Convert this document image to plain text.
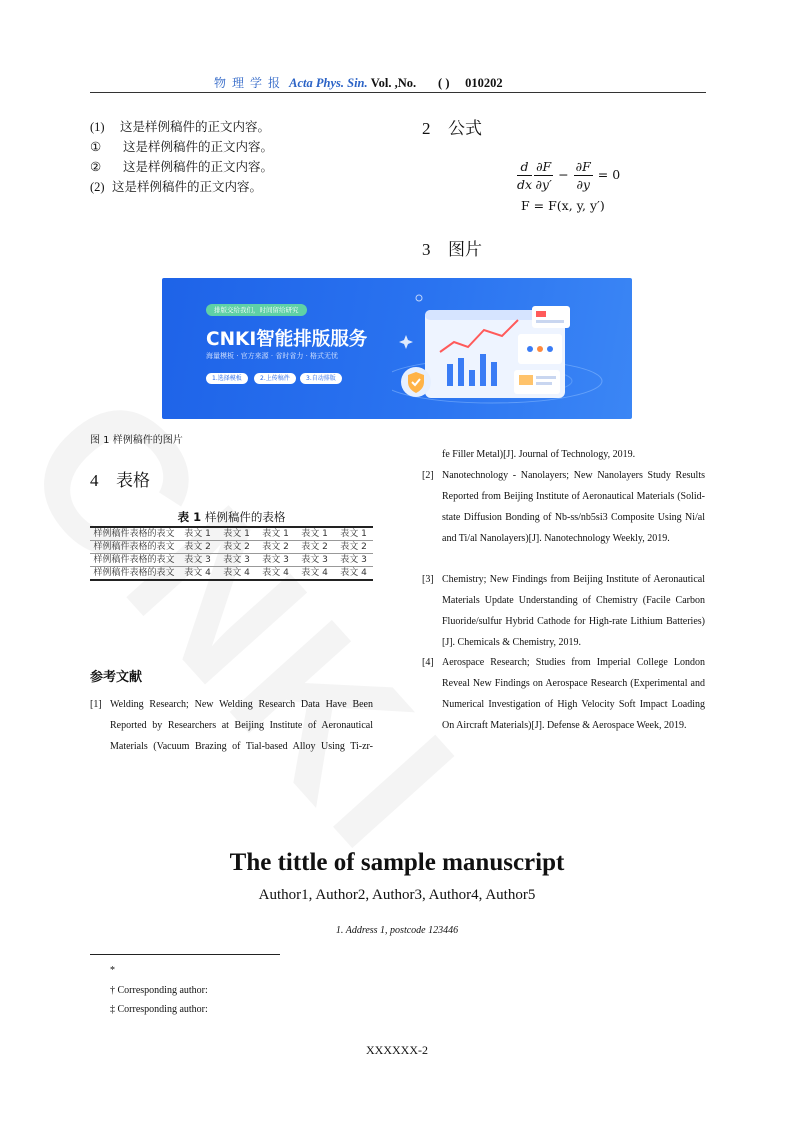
物理学报 Acta Phys. Sin. Vol. ,No. ( ) 010202
(1) 这是样例稿件的正文内容。
① 这是样例稿件的正文内容。
② 这是样例稿件的正文内容。
(2) 这是样例稿件的正文内容。
2 公式
$\frac{d}{dx} \frac{\partial F}{\partial y'} - \frac{\partial F}{\partial y} = 0$
F = F(x, y, y′)
3 图片
排版交给我们，时间留给研究
CNKI智能排版服务
海量模板 · 官方来源 · 省时省力 · 格式无忧
1.选择模板	2.上传稿件	3.自动排版
图 1 样例稿件的图片
4 表格
表 1 样例稿件的表格
样例稿件表格的表文	表文 1	表文 1	表文 1	表文 1	表文 1
样例稿件表格的表文	表文 2	表文 2	表文 2	表文 2	表文 2
样例稿件表格的表文	表文 3	表文 3	表文 3	表文 3	表文 3
样例稿件表格的表文	表文 4	表文 4	表文 4	表文 4	表文 4
参考文献
[1] Welding Research; New Welding Research Data Have Been Reported by Researchers at Beijing Institute of Aeronautical Materials (Vacuum Brazing of Tial-based Alloy Using Ti-zr-
fe Filler Metal)[J]. Journal of Technology, 2019.
[2] Nanotechnology - Nanolayers; New Nanolayers Study Results Reported from Beijing Institute of Aeronautical Materials (Solid-state Diffusion Bonding of Nb-ss/nb5si3 Composite Using Ni/al and Ti/al Nanolayers)[J]. Nanotechnology Weekly, 2019.
[3] Chemistry; New Findings from Beijing Institute of Aeronautical Materials Update Understanding of Chemistry (Facile Carbon Fluoride/sulfur Hybrid Cathode for High-rate Lithium Batteries)[J]. Chemicals & Chemistry, 2019.
[4] Aerospace Research; Studies from Imperial College London Reveal New Findings on Aerospace Research (Experimental and Numerical Investigation of High Velocity Soft Impact Loading On Aircraft Materials)[J]. Defense & Aerospace Week, 2019.
The tittle of sample manuscript
Author1, Author2, Author3, Author4, Author5
1. Address 1, postcode 123446
*
† Corresponding author:
‡ Corresponding author:
XXXXXX-2
